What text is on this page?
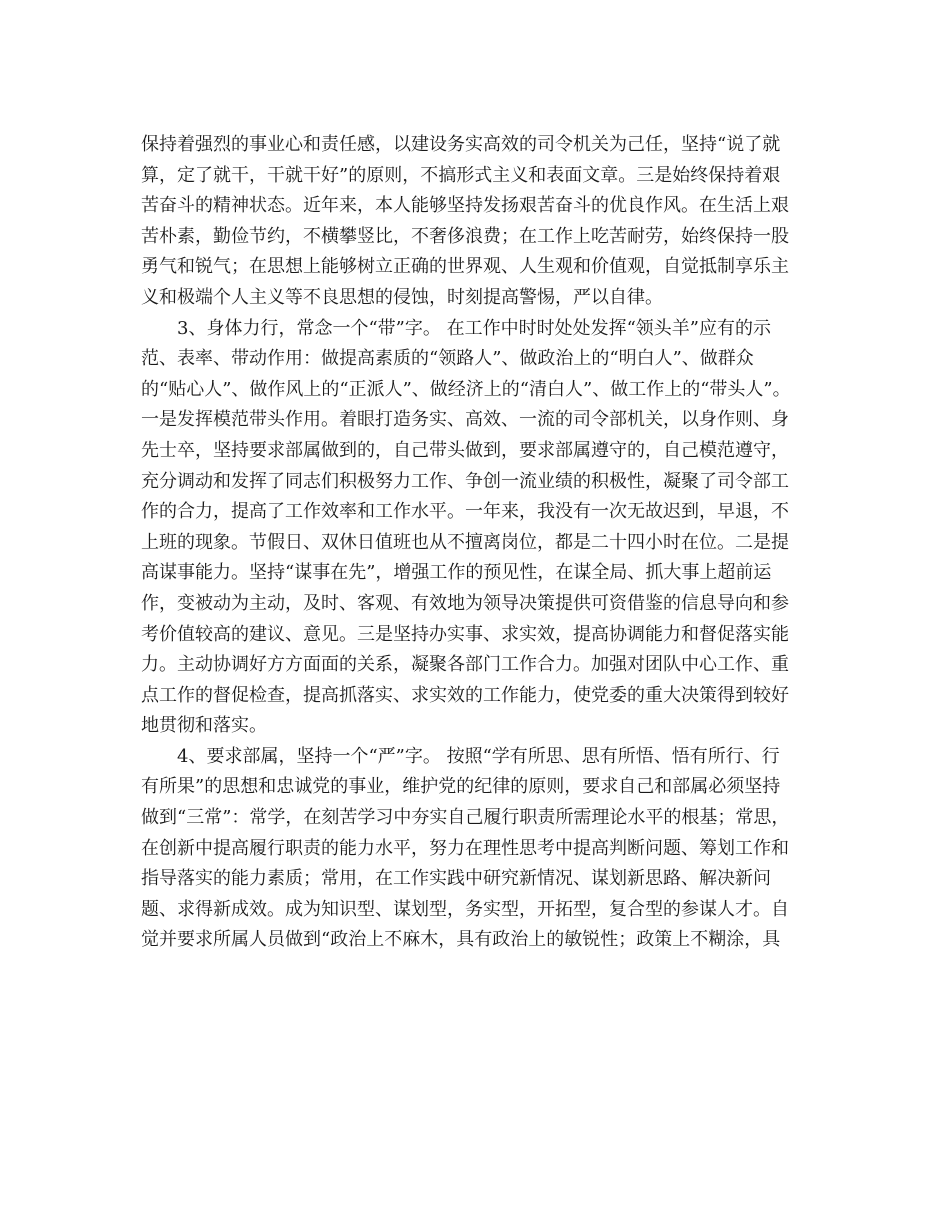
保持着强烈的事业心和责任感，以建设务实高效的司令机关为己任，坚持“说了就
算，定了就干，干就干好”的原则，不搞形式主义和表面文章。三是始终保持着艰
苦奋斗的精神状态。近年来，本人能够坚持发扬艰苦奋斗的优良作风。在生活上艰
苦朴素，勤俭节约，不横攀竖比，不奢侈浪费；在工作上吃苦耐劳，始终保持一股
勇气和锐气；在思想上能够树立正确的世界观、人生观和价值观，自觉抵制享乐主
义和极端个人主义等不良思想的侵蚀，时刻提高警惕，严以自律。
3、身体力行，常念一个“带”字。 在工作中时时处处发挥“领头羊”应有的示
范、表率、带动作用：做提高素质的“领路人”、做政治上的“明白人”、做群众
的“贴心人”、做作风上的“正派人”、做经济上的“清白人”、做工作上的“带头人”。
一是发挥模范带头作用。着眼打造务实、高效、一流的司令部机关，以身作则、身
先士卒，坚持要求部属做到的，自己带头做到，要求部属遵守的，自己模范遵守，
充分调动和发挥了同志们积极努力工作、争创一流业绩的积极性，凝聚了司令部工
作的合力，提高了工作效率和工作水平。一年来，我没有一次无故迟到，早退，不
上班的现象。节假日、双休日值班也从不擅离岗位，都是二十四小时在位。二是提
高谋事能力。坚持“谋事在先”，增强工作的预见性，在谋全局、抓大事上超前运
作，变被动为主动，及时、客观、有效地为领导决策提供可资借鉴的信息导向和参
考价值较高的建议、意见。三是坚持办实事、求实效，提高协调能力和督促落实能
力。主动协调好方方面面的关系，凝聚各部门工作合力。加强对团队中心工作、重
点工作的督促检查，提高抓落实、求实效的工作能力，使党委的重大决策得到较好
地贯彻和落实。
4、要求部属，坚持一个“严”字。 按照“学有所思、思有所悟、悟有所行、行
有所果”的思想和忠诚党的事业，维护党的纪律的原则，要求自己和部属必须坚持
做到“三常”：常学，在刻苦学习中夯实自己履行职责所需理论水平的根基；常思，
在创新中提高履行职责的能力水平，努力在理性思考中提高判断问题、筹划工作和
指导落实的能力素质；常用，在工作实践中研究新情况、谋划新思路、解决新问
题、求得新成效。成为知识型、谋划型，务实型，开拓型，复合型的参谋人才。自
觉并要求所属人员做到“政治上不麻木，具有政治上的敏锐性；政策上不糊涂，具
